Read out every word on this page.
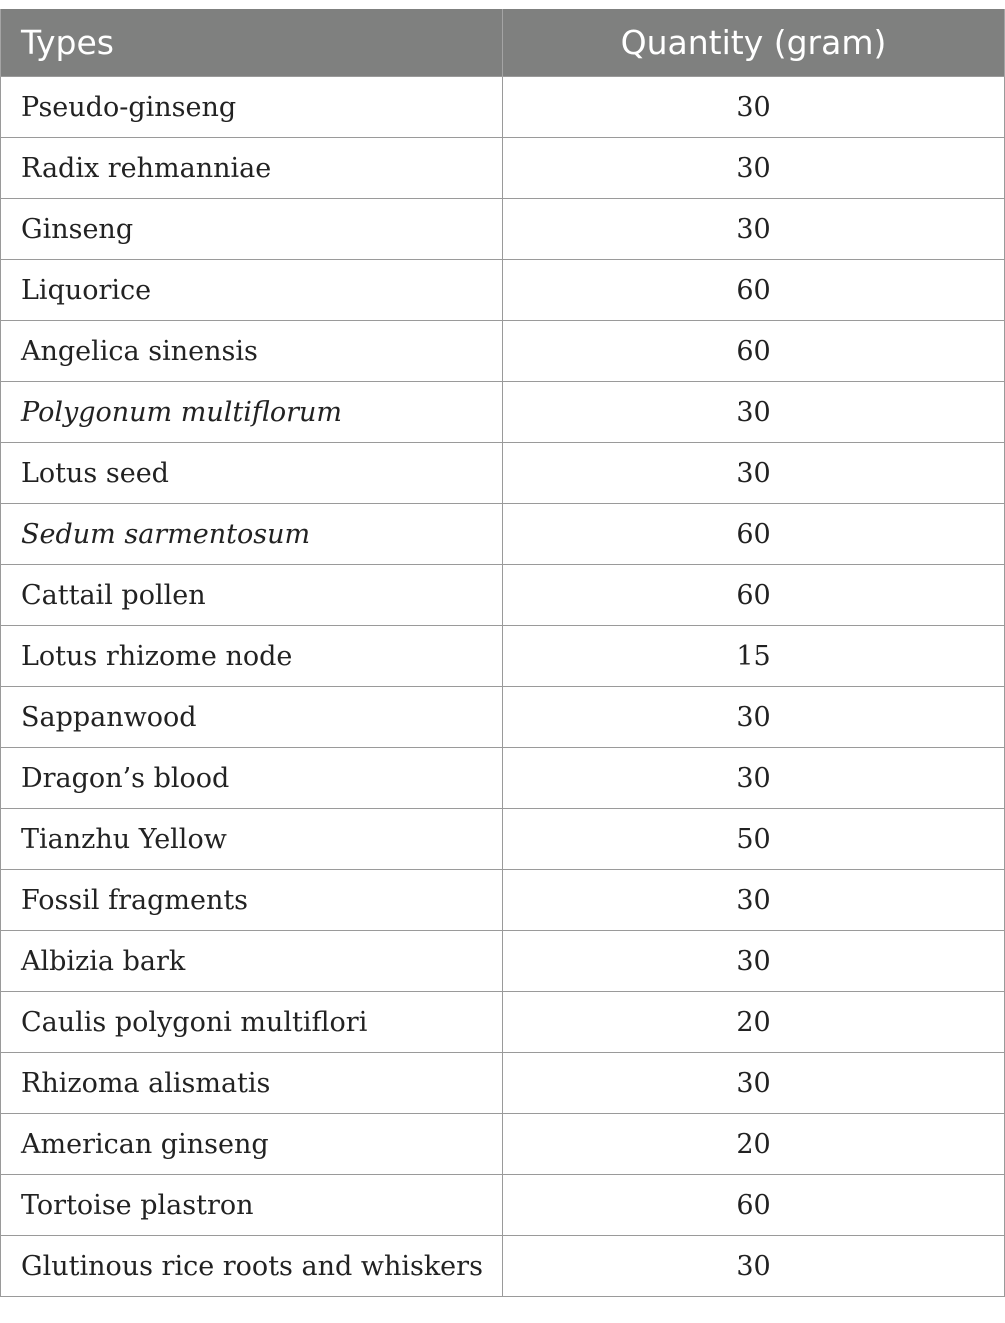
Types	Quantity (gram)
Pseudo-ginseng	30
Radix rehmanniae	30
Ginseng	30
Liquorice	60
Angelica sinensis	60
Polygonum multiflorum	30
Lotus seed	30
Sedum sarmentosum	60
Cattail pollen	60
Lotus rhizome node	15
Sappanwood	30
Dragon’s blood	30
Tianzhu Yellow	50
Fossil fragments	30
Albizia bark	30
Caulis polygoni multiflori	20
Rhizoma alismatis	30
American ginseng	20
Tortoise plastron	60
Glutinous rice roots and whiskers	30
